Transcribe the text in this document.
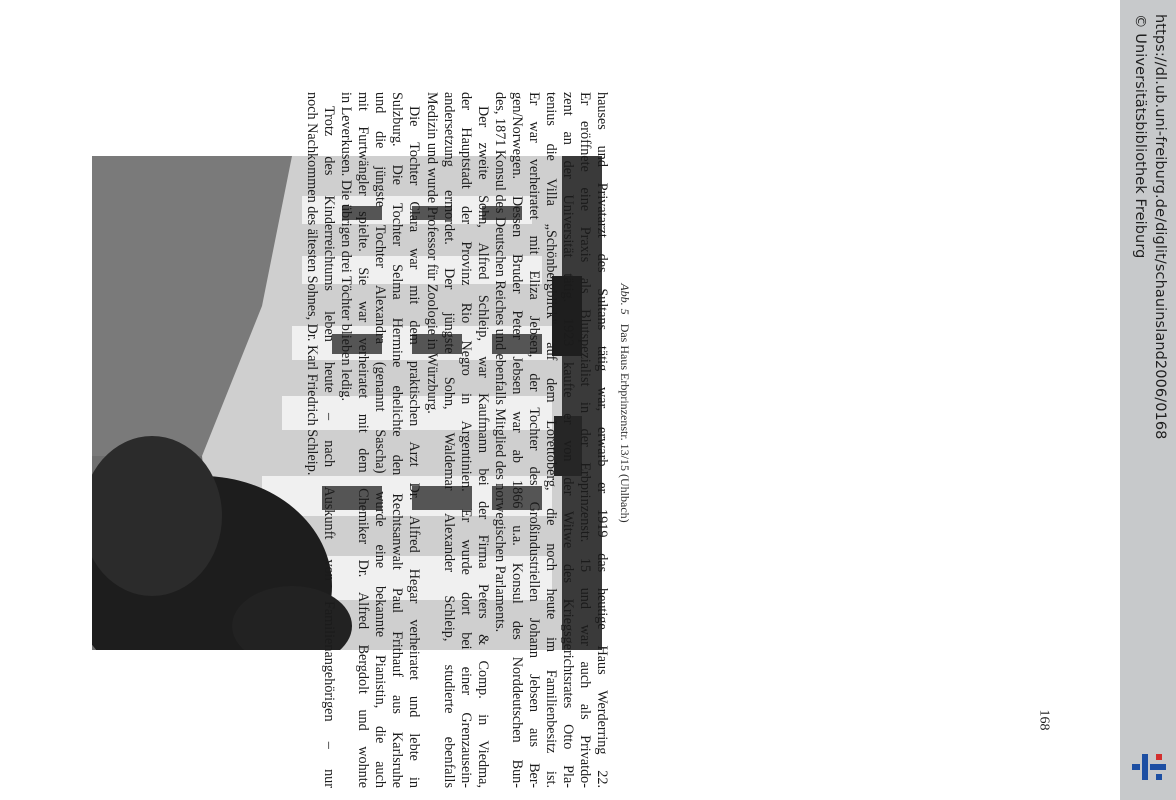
Abb. 5   Das Haus Erbprinzenstr. 13/15 (Uhlbach)
hauses und Privatarzt des Sultans tätig war, erwarb er 1919 das heutige Haus Werderring 22.
Er eröffnete eine Praxis als Blutspezialist in der Erbprinzenstr. 15 und war auch als Privatdo-
zent an der Universität tätig. 1923 kaufte er von der Witwe des Kriegsgerichtsrates Otto Pla-
tenius die Villa „Schönbergblick" auf dem Lorettoberg, die noch heute im Familienbesitz ist.
Er war verheiratet mit Eliza Jebsen, der Tochter des Großindustriellen Johann Jebsen aus Ber-
gen/Norwegen. Dessen Bruder Peter Jebsen war ab 1866 u.a. Konsul des Norddeutschen Bun-
des, 1871 Konsul des Deutschen Reiches und ebenfalls Mitglied des norwegischen Parlaments.
Der zweite Sohn, Alfred Schleip, war Kaufmann bei der Firma Peters & Comp. in Viedma,
der Hauptstadt der Provinz Rio Negro in Argentinien. Er wurde dort bei einer Grenzausein-
andersetzung ermordet. Der jüngste Sohn, Waldemar Alexander Schleip, studierte ebenfalls
Medizin und wurde Professor für Zoologie in Würzburg.
Die Tochter Clara war mit dem praktischen Arzt Dr. Alfred Hegar verheiratet und lebte in
Sulzburg. Die Tochter Selma Hermine ehelichte den Rechtsanwalt Paul Frithauf aus Karlsruhe
und die jüngste Tochter Alexandra (genannt Sascha) wurde eine bekannte Pianistin, die auch
mit Furtwängler spielte. Sie war verheiratet mit dem Chemiker Dr. Alfred Bergdolt und wohnte
in Leverkusen. Die übrigen drei Töchter blieben ledig.
Trotz des Kinderreichtums leben heute – nach Auskunft von Familienangehörigen – nur
noch Nachkommen des ältesten Sohnes, Dr. Karl Friedrich Schleip.
168
https://dl.ub.uni-freiburg.de/diglit/schauinsland2006/0168
© Universitätsbibliothek Freiburg
